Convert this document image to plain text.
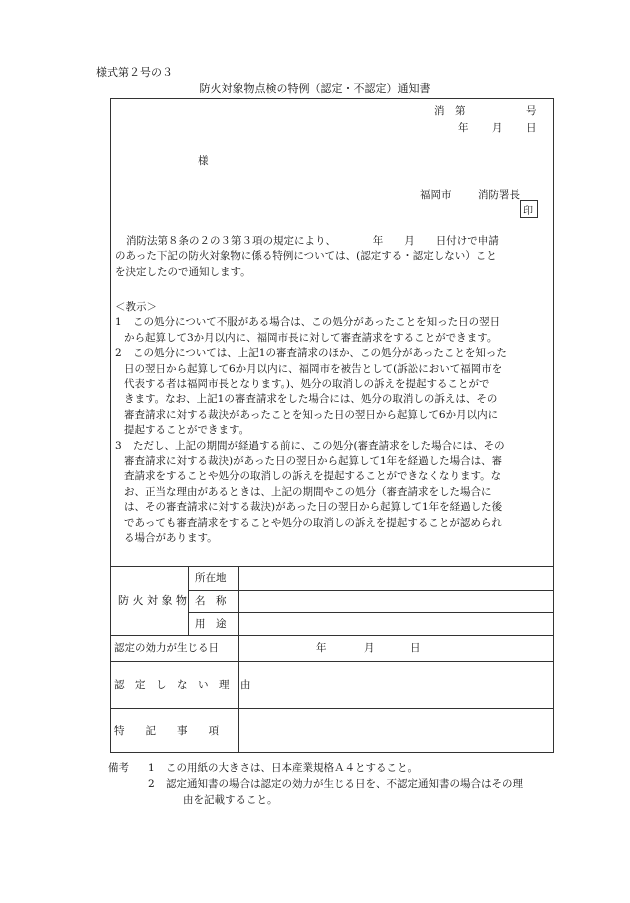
様式第２号の３
防火対象物点検の特例（認定・不認定）通知書
消　第	号
年 月 日
様
福岡市	消防署長
印
消防法第８条の２の３第３項の規定により、　　　　年　　月　　日付けで申請
のあった下記の防火対象物に係る特例については、(認定する・認定しない）こと
を決定したので通知します。
＜教示＞
1	この処分について不服がある場合は、この処分があったことを知った日の翌日
から起算して3か月以内に、福岡市長に対して審査請求をすることができます。
2	この処分については、上記1の審査請求のほか、この処分があったことを知った
日の翌日から起算して6か月以内に、福岡市を被告として(訴訟において福岡市を
代表する者は福岡市長となります。)、処分の取消しの訴えを提起することがで
きます。なお、上記1の審査請求をした場合には、処分の取消しの訴えは、その
審査請求に対する裁決があったことを知った日の翌日から起算して6か月以内に
提起することができます。
3	ただし、上記の期間が経過する前に、この処分(審査請求をした場合には、その
審査請求に対する裁決)があった日の翌日から起算して1年を経過した場合は、審
査請求をすることや処分の取消しの訴えを提起することができなくなります。な
お、正当な理由があるときは、上記の期間やこの処分（審査請求をした場合に
は、その審査請求に対する裁決)があった日の翌日から起算して1年を経過した後
であっても審査請求をすることや処分の取消しの訴えを提起することが認められ
る場合があります。
防 火 対 象 物
所在地
名　称
用　途
認定の効力が生じる日	年	月	日
認　定　し　な　い　理　由
特　　記　　事　　項
備考 1 この用紙の大きさは、日本産業規格Ａ４とすること。
2 認定通知書の場合は認定の効力が生じる日を、不認定通知書の場合はその理
由を記載すること。
